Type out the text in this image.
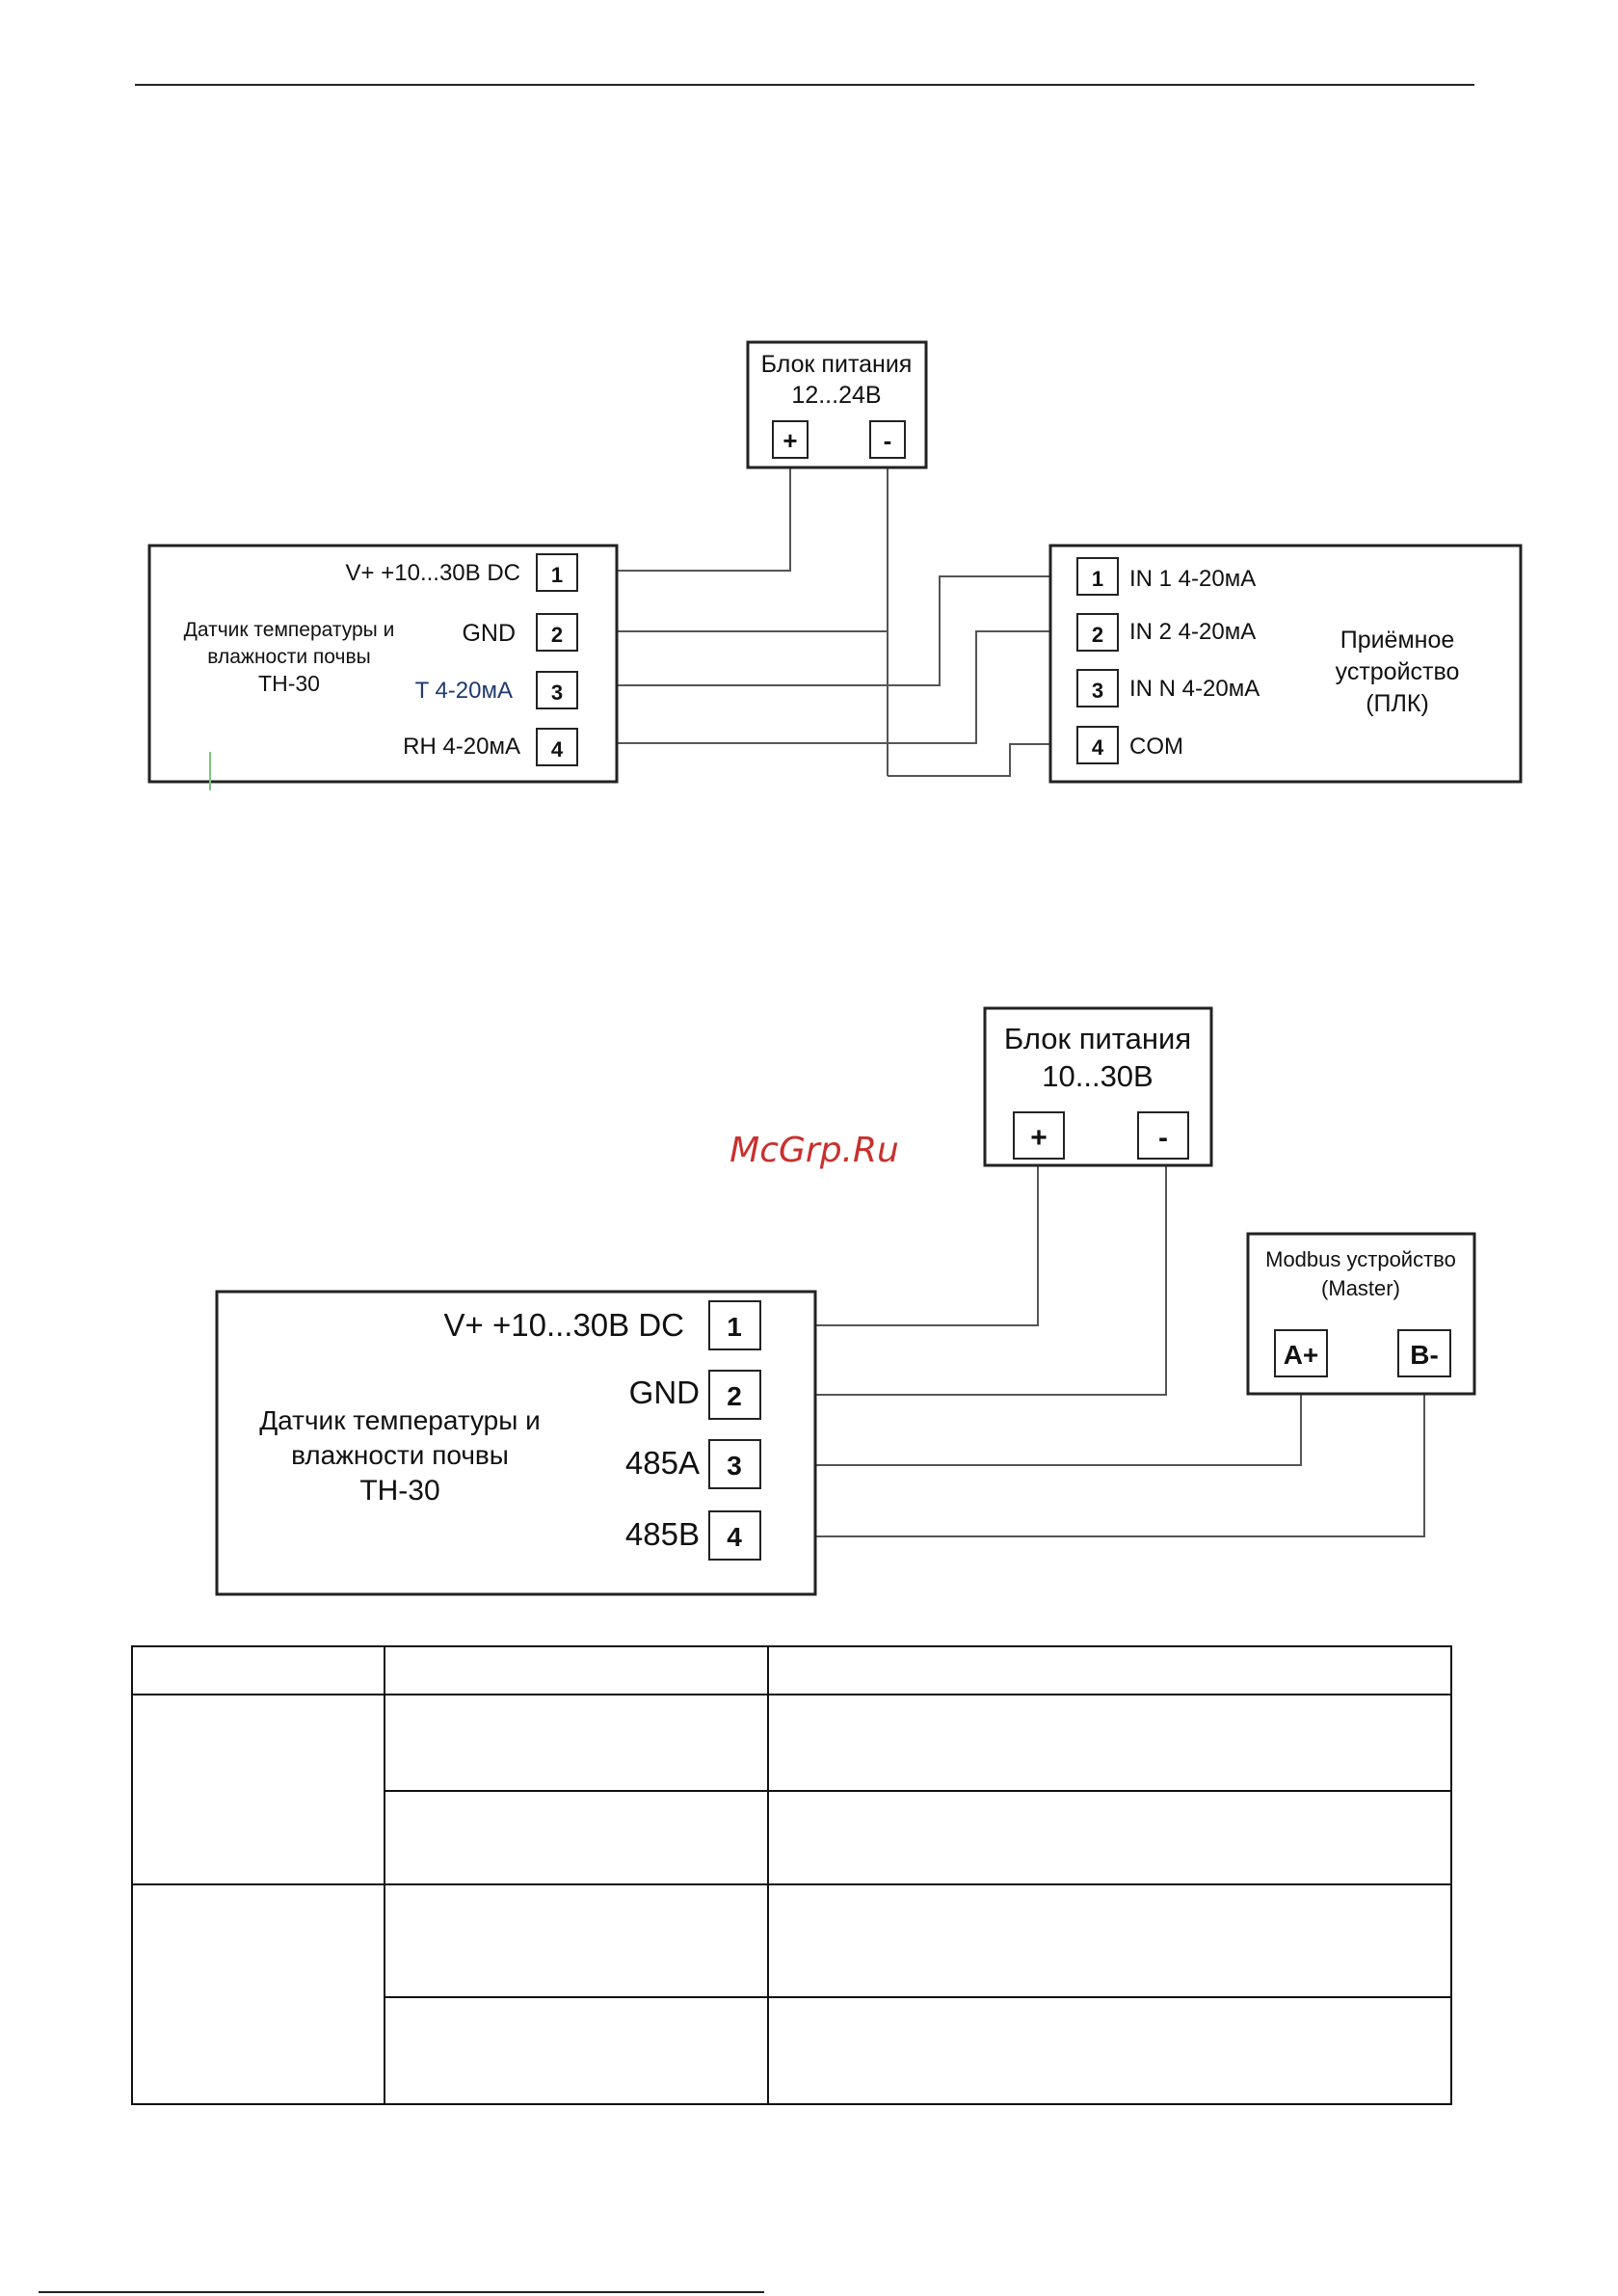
Блок питания
12...24В
+	-
Датчик температуры и
влажности почвы
TH-30
V+ +10...30В DC 1
GND 2
T 4-20мА 3
RH 4-20мА 4
1 IN 1 4-20мА
2 IN 2 4-20мА
3 IN N 4-20мА
4 COM
Приёмное
устройство
(ПЛК)
Блок питания
10...30В
+	-
Modbus устройство
(Master)
A+	B-
Датчик температуры и
влажности почвы
TH-30
V+ +10...30В DC 1
GND 2
485A 3
485B 4
McGrp.Ru
